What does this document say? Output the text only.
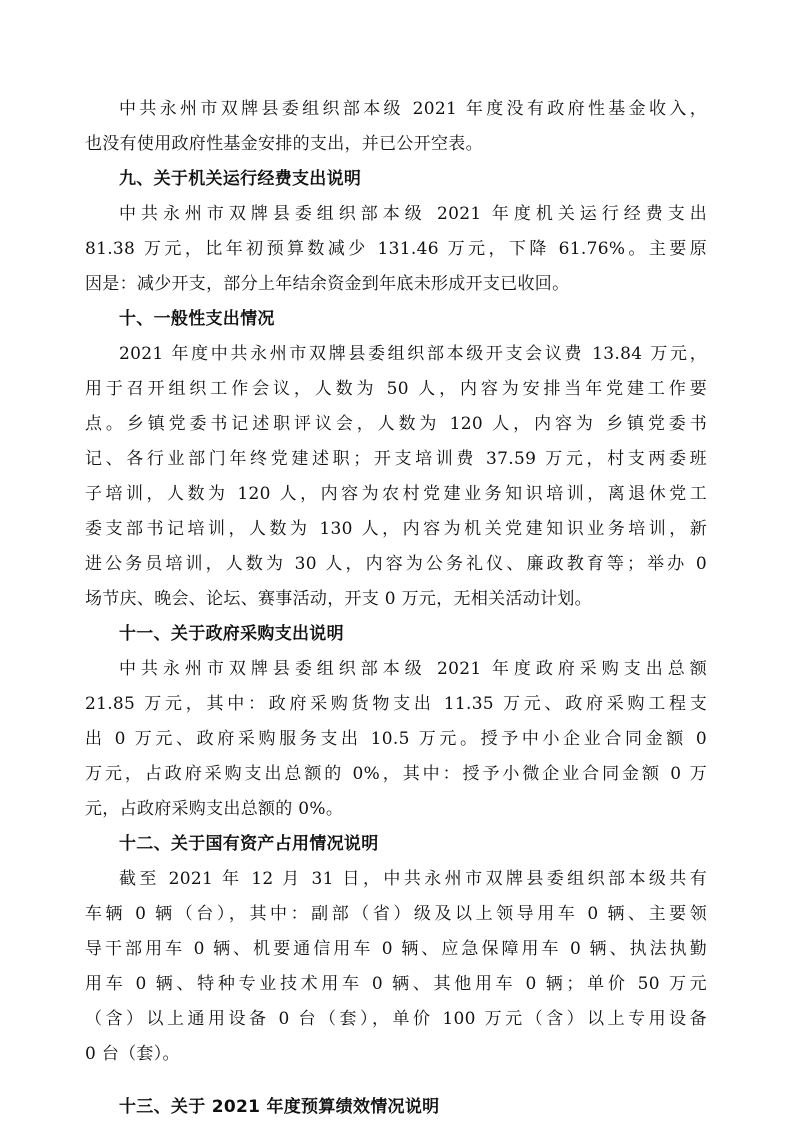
中共永州市双牌县委组织部本级 2021 年度没有政府性基金收入，
也没有使用政府性基金安排的支出，并已公开空表。
九、关于机关运行经费支出说明
中共永州市双牌县委组织部本级 2021 年度机关运行经费支出
81.38 万元，比年初预算数减少 131.46 万元，下降 61.76%。主要原
因是：减少开支，部分上年结余资金到年底未形成开支已收回。
十、一般性支出情况
2021 年度中共永州市双牌县委组织部本级开支会议费 13.84 万元，
用于召开组织工作会议，人数为 50 人，内容为安排当年党建工作要
点。乡镇党委书记述职评议会，人数为 120 人，内容为 乡镇党委书
记、各行业部门年终党建述职；开支培训费 37.59 万元，村支两委班
子培训，人数为 120 人，内容为农村党建业务知识培训，离退休党工
委支部书记培训，人数为 130 人，内容为机关党建知识业务培训，新
进公务员培训，人数为 30 人，内容为公务礼仪、廉政教育等；举办 0
场节庆、晚会、论坛、赛事活动，开支 0 万元，无相关活动计划。
十一、关于政府采购支出说明
中共永州市双牌县委组织部本级 2021 年度政府采购支出总额
21.85 万元，其中：政府采购货物支出 11.35 万元、政府采购工程支
出 0 万元、政府采购服务支出 10.5 万元。授予中小企业合同金额 0
万元，占政府采购支出总额的 0%，其中：授予小微企业合同金额 0 万
元，占政府采购支出总额的 0%。
十二、关于国有资产占用情况说明
截至 2021 年 12 月 31 日，中共永州市双牌县委组织部本级共有
车辆 0 辆（台），其中：副部（省）级及以上领导用车 0 辆、主要领
导干部用车 0 辆、机要通信用车 0 辆、应急保障用车 0 辆、执法执勤
用车 0 辆、特种专业技术用车 0 辆、其他用车 0 辆；单价 50 万元
（含）以上通用设备 0 台（套），单价 100 万元（含）以上专用设备
0 台（套）。
十三、关于 2021 年度预算绩效情况说明
